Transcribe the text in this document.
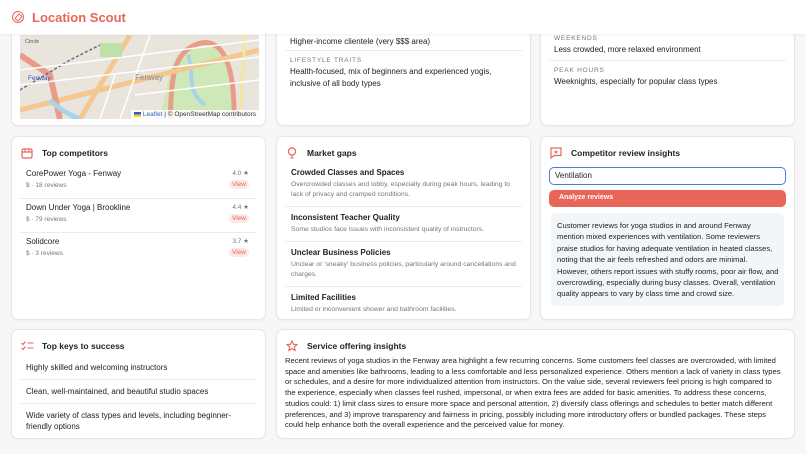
Location Scout
Fenway
Fenway
Circle
Leaflet | © OpenStreetMap contributors
Higher-income clientele (very $$$ area)
LIFESTYLE TRAITS
Health-focused, mix of beginners and experienced yogis, inclusive of all body types
WEEKENDS
Less crowded, more relaxed environment
PEAK HOURS
Weeknights, especially for popular class types
Top competitors
CorePower Yoga - Fenway
$ · 18 reviews
4.0 ★
View
Down Under Yoga | Brookline
$ · 79 reviews
4.4 ★
View
Solidcore
$ · 3 reviews
3.7 ★
View
Market gaps
Crowded Classes and Spaces
Overcrowded classes and lobby, especially during peak hours, leading to lack of privacy and cramped conditions.
Inconsistent Teacher Quality
Some studios face issues with inconsistent quality of instructors.
Unclear Business Policies
Unclear or 'sneaky' business policies, particularly around cancellations and charges.
Limited Facilities
Limited or inconvenient shower and bathroom facilities.
★ Competitor review insights
Ventilation
Analyze reviews
Customer reviews for yoga studios in and around Fenway mention mixed experiences with ventilation. Some reviewers praise studios for having adequate ventilation in heated classes, noting that the air feels refreshed and odors are minimal. However, others report issues with stuffy rooms, poor air flow, and overcrowding, especially during busy classes. Overall, ventilation quality appears to vary by class time and crowd size.
Top keys to success
Highly skilled and welcoming instructors
Clean, well-maintained, and beautiful studio spaces
Wide variety of class types and levels, including beginner-friendly options
Service offering insights
Recent reviews of yoga studios in the Fenway area highlight a few recurring concerns. Some customers feel classes are overcrowded, with limited space and amenities like bathrooms, leading to a less comfortable and less personalized experience. Others mention a lack of variety in class types or schedules, and a desire for more individualized attention from instructors. On the value side, several reviewers feel pricing is high compared to the experience, especially when classes feel rushed, impersonal, or when extra fees are added for basic amenities. To address these concerns, studios could: 1) limit class sizes to ensure more space and personal attention, 2) diversify class offerings and schedules to better match different preferences, and 3) improve transparency and fairness in pricing, possibly including more introductory offers or bundled packages. These steps could help enhance both the overall experience and the perceived value for money.
